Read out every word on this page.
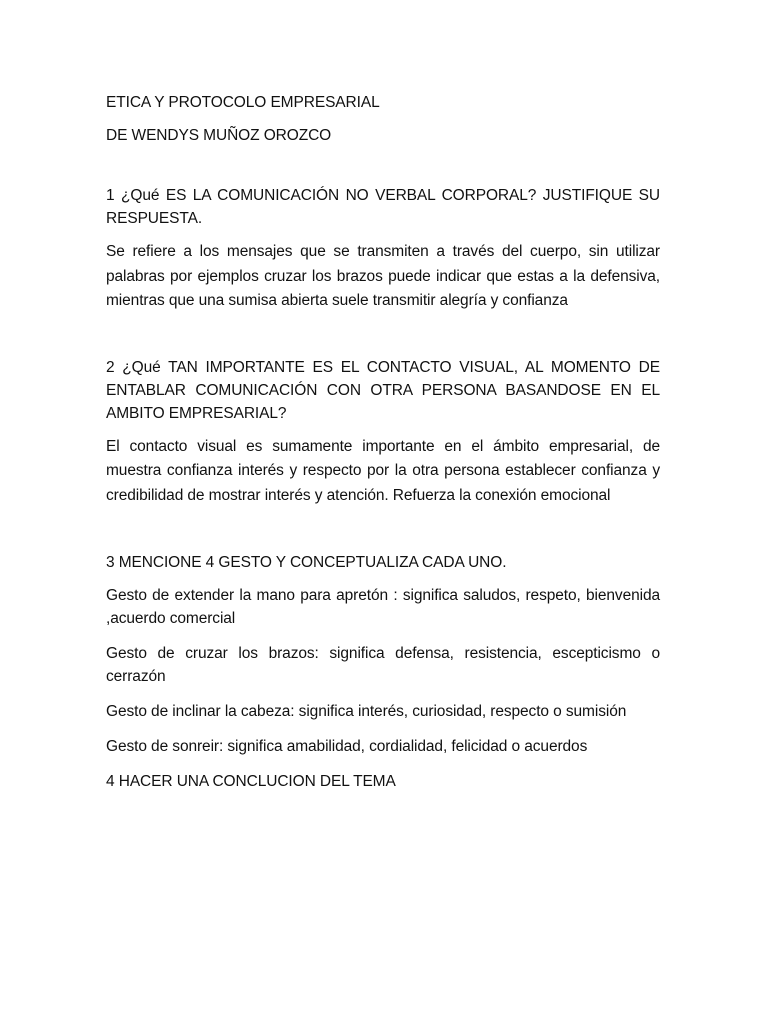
ETICA Y PROTOCOLO EMPRESARIAL

DE WENDYS MUÑOZ OROZCO

1 ¿Qué ES LA COMUNICACIÓN NO VERBAL CORPORAL? JUSTIFIQUE SU RESPUESTA.

Se refiere a los mensajes que se transmiten a través del cuerpo, sin utilizar palabras por ejemplos cruzar los brazos puede indicar que estas a la defensiva, mientras que una sumisa abierta suele transmitir alegría y confianza

2 ¿Qué TAN IMPORTANTE ES EL CONTACTO VISUAL, AL MOMENTO DE ENTABLAR COMUNICACIÓN CON OTRA PERSONA BASANDOSE EN EL AMBITO EMPRESARIAL?

El contacto visual es sumamente importante en el ámbito empresarial, de muestra confianza interés y respecto por la otra persona establecer confianza y credibilidad de mostrar interés y atención. Refuerza la conexión emocional

3 MENCIONE 4 GESTO Y CONCEPTUALIZA CADA UNO.

Gesto de extender la mano para apretón : significa saludos, respeto, bienvenida ,acuerdo comercial

Gesto de cruzar los brazos: significa defensa, resistencia, escepticismo o cerrazón

Gesto de inclinar la cabeza: significa interés, curiosidad, respecto o sumisión

Gesto de sonreir: significa amabilidad, cordialidad, felicidad o acuerdos

4 HACER UNA CONCLUCION DEL TEMA
